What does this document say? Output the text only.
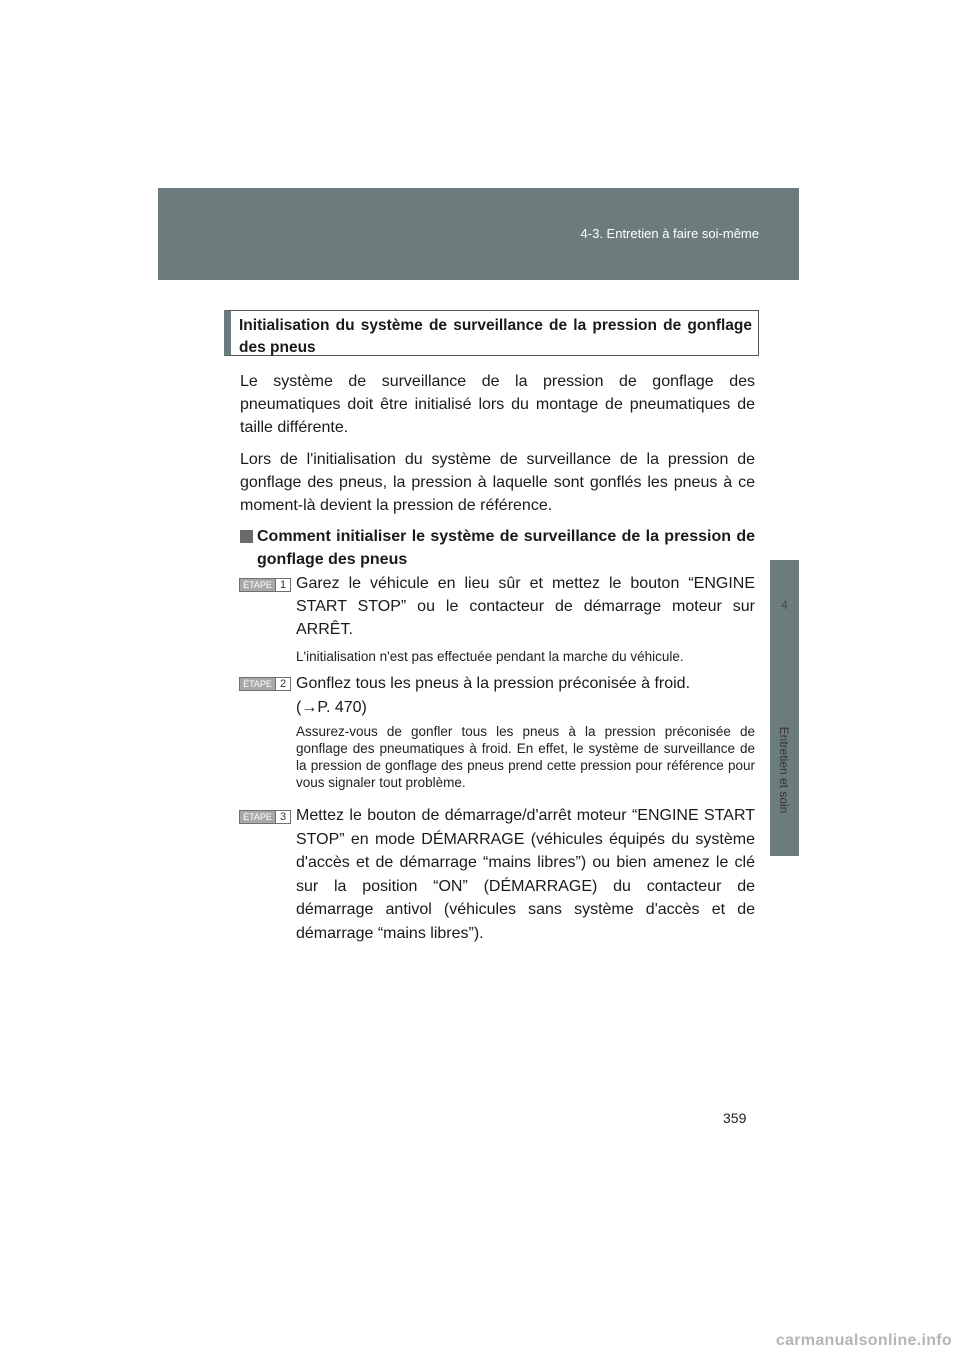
4-3. Entretien à faire soi-même
4
Entretien et soin
Initialisation du système de surveillance de la pression de gonflage des pneus

Le système de surveillance de la pression de gonflage des pneumatiques doit être initialisé lors du montage de pneumatiques de taille différente.

Lors de l'initialisation du système de surveillance de la pression de gonflage des pneus, la pression à laquelle sont gonflés les pneus à ce moment-là devient la pression de référence.

Comment initialiser le système de surveillance de la pression de gonflage des pneus
ÉTAPE 1 Garez le véhicule en lieu sûr et mettez le bouton “ENGINE START STOP” ou le contacteur de démarrage moteur sur ARRÊT.

L'initialisation n'est pas effectuée pendant la marche du véhicule.

ÉTAPE 2 Gonflez tous les pneus à la pression préconisée à froid.

(→P. 470)

Assurez-vous de gonfler tous les pneus à la pression préconisée de gonflage des pneumatiques à froid. En effet, le système de surveillance de la pression de gonflage des pneus prend cette pression pour référence pour vous signaler tout problème.

ÉTAPE 3 Mettez le bouton de démarrage/d'arrêt moteur “ENGINE START STOP” en mode DÉMARRAGE (véhicules équipés du système d'accès et de démarrage “mains libres”) ou bien amenez le clé sur la position “ON” (DÉMARRAGE) du contacteur de démarrage antivol (véhicules sans système d'accès et de démarrage “mains libres”).

359
carmanualsonline.info
